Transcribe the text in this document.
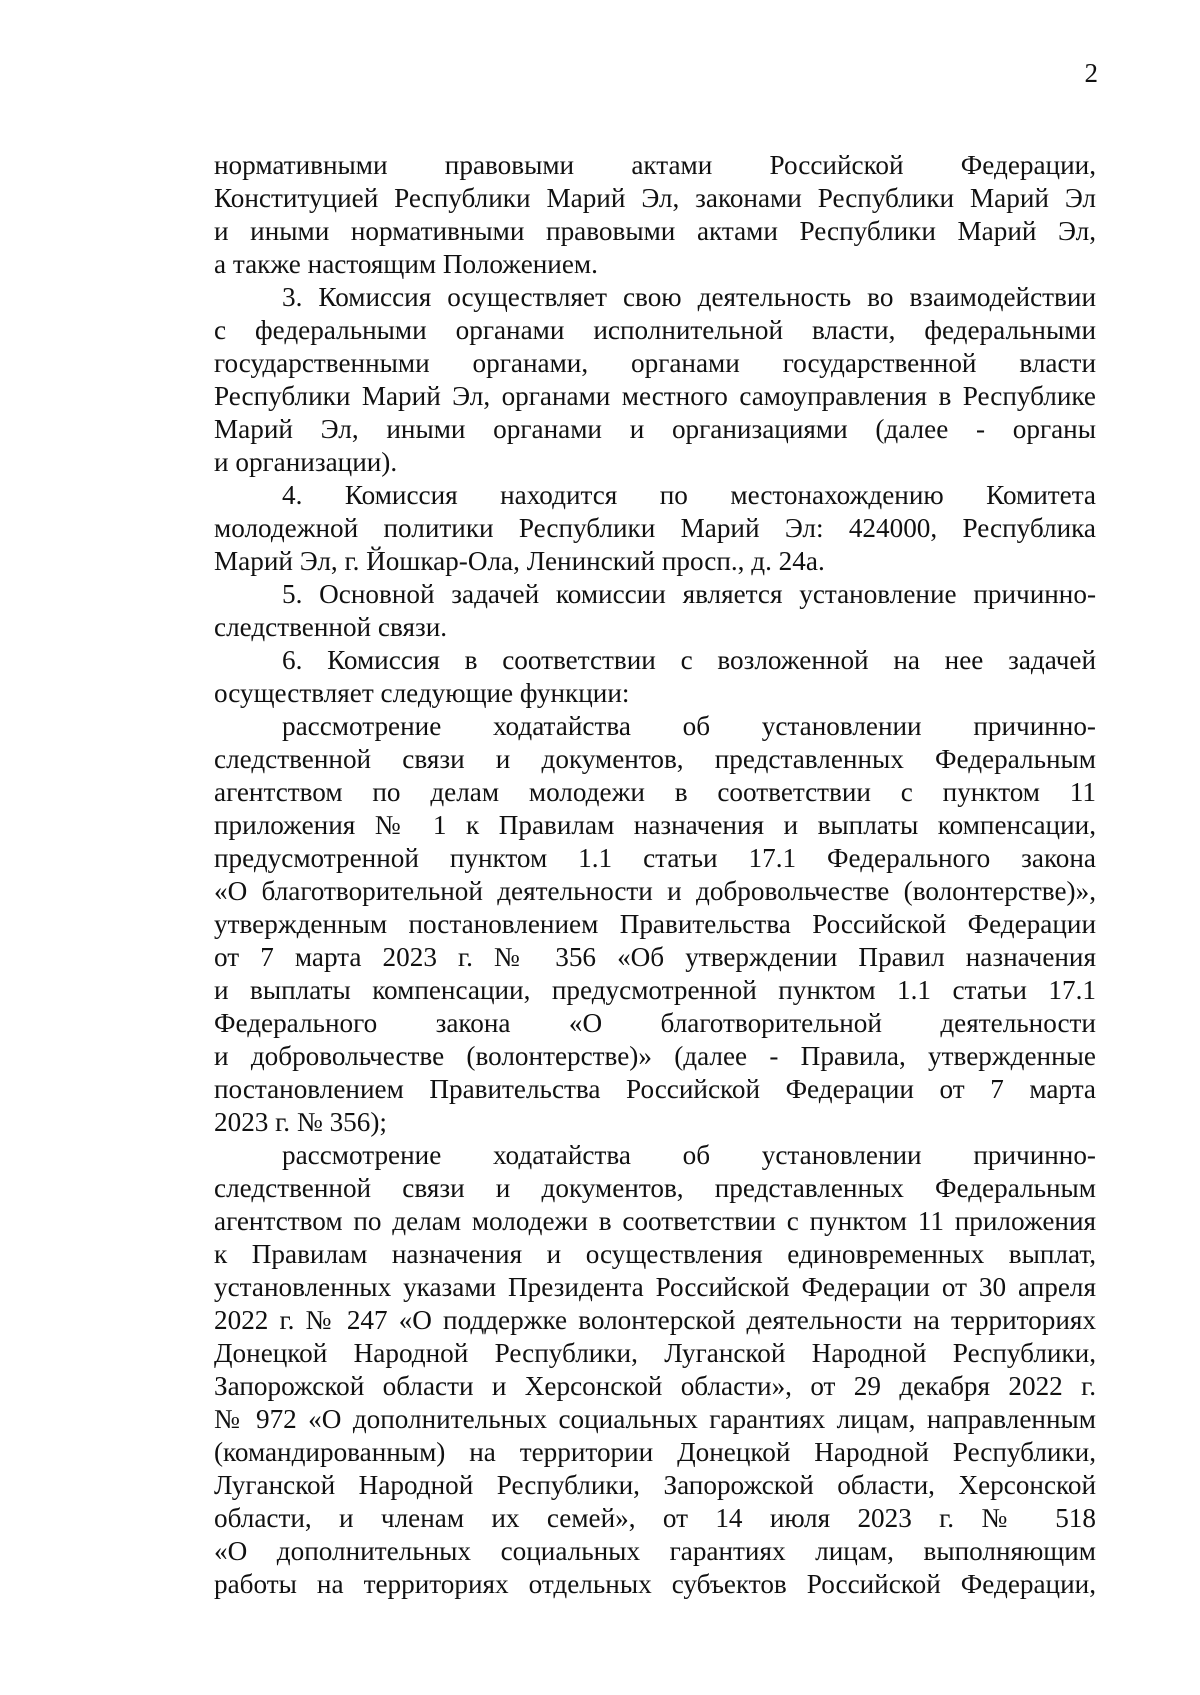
2

нормативными правовыми актами Российской Федерации,

Конституцией Республики Марий Эл, законами Республики Марий Эл

и иными нормативными правовыми актами Республики Марий Эл,

а также настоящим Положением.

3. Комиссия осуществляет свою деятельность во взаимодействии

с федеральными органами исполнительной власти, федеральными

государственными органами, органами государственной власти

Республики Марий Эл, органами местного самоуправления в Республике

Марий Эл, иными органами и организациями (далее - органы

и организации).

4. Комиссия находится по местонахождению Комитета

молодежной политики Республики Марий Эл: 424000, Республика

Марий Эл, г. Йошкар-Ола, Ленинский просп., д. 24а.

5. Основной задачей комиссии является установление причинно-

следственной связи.

6. Комиссия в соответствии с возложенной на нее задачей

осуществляет следующие функции:

рассмотрение ходатайства об установлении причинно-

следственной связи и документов, представленных Федеральным

агентством по делам молодежи в соответствии с пунктом 11

приложения № 1 к Правилам назначения и выплаты компенсации,

предусмотренной пунктом 1.1 статьи 17.1 Федерального закона

«О благотворительной деятельности и добровольчестве (волонтерстве)»,

утвержденным постановлением Правительства Российской Федерации

от 7 марта 2023 г. № 356 «Об утверждении Правил назначения

и выплаты компенсации, предусмотренной пунктом 1.1 статьи 17.1

Федерального закона «О благотворительной деятельности

и добровольчестве (волонтерстве)» (далее - Правила, утвержденные

постановлением Правительства Российской Федерации от 7 марта

2023 г. № 356);

рассмотрение ходатайства об установлении причинно-

следственной связи и документов, представленных Федеральным

агентством по делам молодежи в соответствии с пунктом 11 приложения

к Правилам назначения и осуществления единовременных выплат,

установленных указами Президента Российской Федерации от 30 апреля

2022 г. № 247 «О поддержке волонтерской деятельности на территориях

Донецкой Народной Республики, Луганской Народной Республики,

Запорожской области и Херсонской области», от 29 декабря 2022 г.

№ 972 «О дополнительных социальных гарантиях лицам, направленным

(командированным) на территории Донецкой Народной Республики,

Луганской Народной Республики, Запорожской области, Херсонской

области, и членам их семей», от 14 июля 2023 г. № 518

«О дополнительных социальных гарантиях лицам, выполняющим

работы на территориях отдельных субъектов Российской Федерации,
